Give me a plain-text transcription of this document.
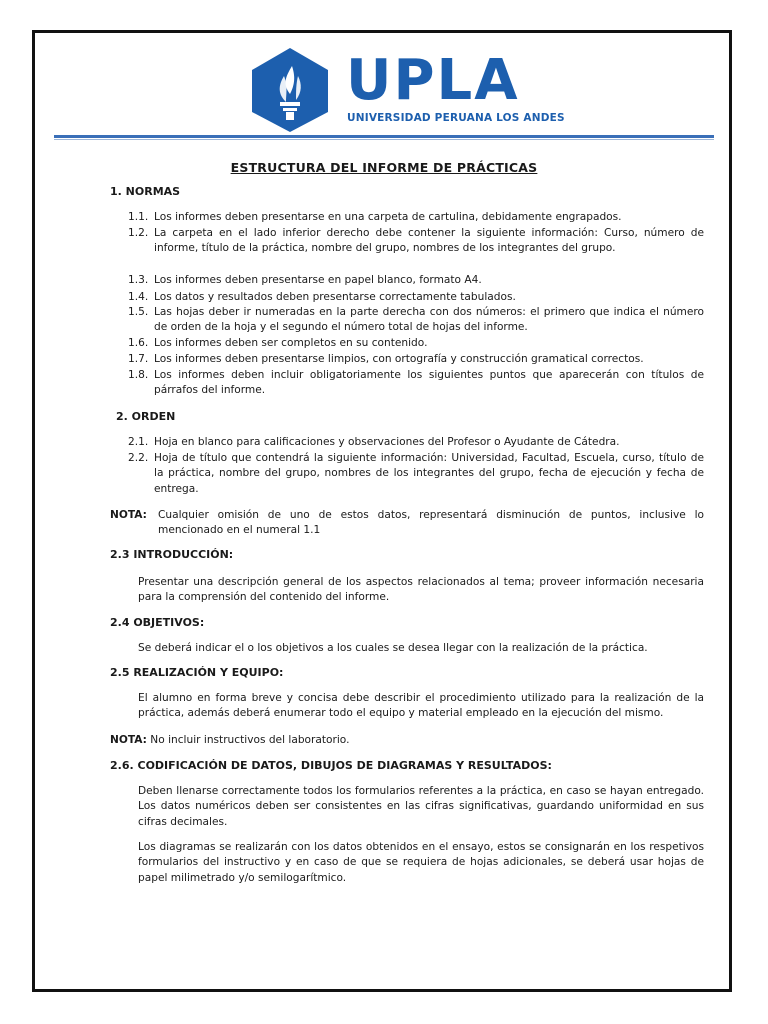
UPLA
UNIVERSIDAD PERUANA LOS ANDES
ESTRUCTURA DEL INFORME DE PRÁCTICAS
1. NORMAS
1.1. Los informes deben presentarse en una carpeta de cartulina, debidamente engrapados.
1.2. La carpeta en el lado inferior derecho debe contener la siguiente información: Curso, número de informe, título de la práctica, nombre del grupo, nombres de los integrantes del grupo.
1.3. Los informes deben presentarse en papel blanco, formato A4.
1.4. Los datos y resultados deben presentarse correctamente tabulados.
1.5. Las hojas deber ir numeradas en la parte derecha con dos números: el primero que indica el número de orden de la hoja y el segundo el número total de hojas del informe.
1.6. Los informes deben ser completos en su contenido.
1.7. Los informes deben presentarse limpios, con ortografía y construcción gramatical correctos.
1.8. Los informes deben incluir obligatoriamente los siguientes puntos que aparecerán con títulos de párrafos del informe.
2. ORDEN
2.1. Hoja en blanco para calificaciones y observaciones del Profesor o Ayudante de Cátedra.
2.2. Hoja de título que contendrá la siguiente información: Universidad, Facultad, Escuela, curso, título de la práctica, nombre del grupo, nombres de los integrantes del grupo, fecha de ejecución y fecha de entrega.
NOTA: Cualquier omisión de uno de estos datos, representará disminución de puntos, inclusive lo mencionado en el numeral 1.1
2.3 INTRODUCCIÓN:
Presentar una descripción general de los aspectos relacionados al tema; proveer información necesaria para la comprensión del contenido del informe.
2.4 OBJETIVOS:
Se deberá indicar el o los objetivos a los cuales se desea llegar con la realización de la práctica.
2.5 REALIZACIÓN Y EQUIPO:
El alumno en forma breve y concisa debe describir el procedimiento utilizado para la realización de la práctica, además deberá enumerar todo el equipo y material empleado en la ejecución del mismo.
NOTA: No incluir instructivos del laboratorio.
2.6. CODIFICACIÓN DE DATOS, DIBUJOS DE DIAGRAMAS Y RESULTADOS:
Deben llenarse correctamente todos los formularios referentes a la práctica, en caso se hayan entregado. Los datos numéricos deben ser consistentes en las cifras significativas, guardando uniformidad en sus cifras decimales.
Los diagramas se realizarán con los datos obtenidos en el ensayo, estos se consignarán en los respetivos formularios del instructivo y en caso de que se requiera de hojas adicionales, se deberá usar hojas de papel milimetrado y/o semilogarítmico.
